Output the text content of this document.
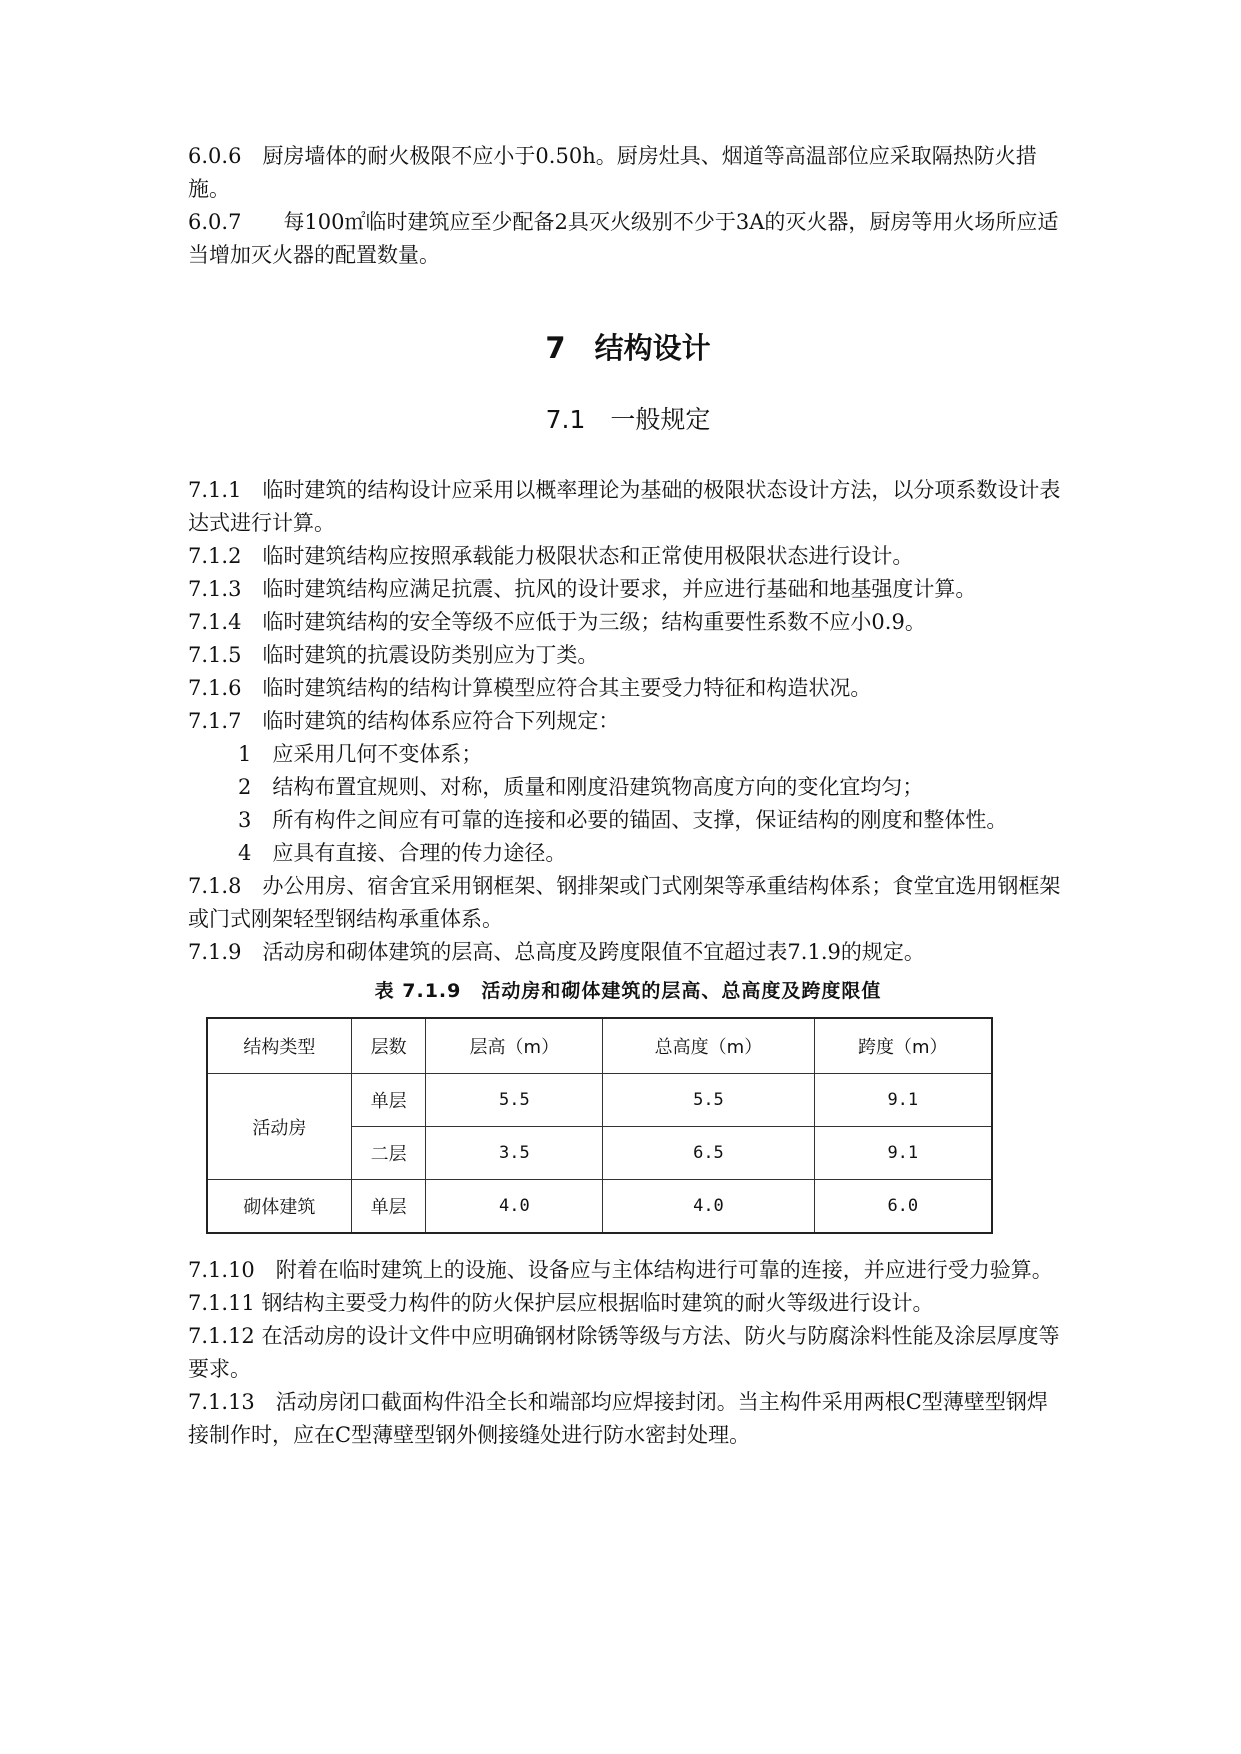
6.0.6　 厨房墙体的耐火极限不应小于0.50h。厨房灶具、烟道等高温部位应采取隔热防火措施。

6.0.7　　 每100㎡临时建筑应至少配备2具灭火级别不少于3A的灭火器，厨房等用火场所应适当增加灭火器的配置数量。

7　 结构设计
7.1　 一般规定

7.1.1　 临时建筑的结构设计应采用以概率理论为基础的极限状态设计方法，以分项系数设计表达式进行计算。

7.1.2　 临时建筑结构应按照承载能力极限状态和正常使用极限状态进行设计。

7.1.3　 临时建筑结构应满足抗震、抗风的设计要求，并应进行基础和地基强度计算。

7.1.4　 临时建筑结构的安全等级不应低于为三级；结构重要性系数不应小0.9。

7.1.5　 临时建筑的抗震设防类别应为丁类。

7.1.6　 临时建筑结构的结构计算模型应符合其主要受力特征和构造状况。

7.1.7　 临时建筑的结构体系应符合下列规定：

1　 应采用几何不变体系；

2　 结构布置宜规则、对称，质量和刚度沿建筑物高度方向的变化宜均匀；

3　 所有构件之间应有可靠的连接和必要的锚固、支撑，保证结构的刚度和整体性。

4　 应具有直接、合理的传力途径。

7.1.8　 办公用房、宿舍宜采用钢框架、钢排架或门式刚架等承重结构体系；食堂宜选用钢框架或门式刚架轻型钢结构承重体系。

7.1.9　 活动房和砌体建筑的层高、总高度及跨度限值不宜超过表7.1.9的规定。

表 7.1.9　活动房和砌体建筑的层高、总高度及跨度限值
结构类型	层数	层高（m）	总高度（m）	跨度（m）
活动房	单层	5.5	5.5	9.1
	二层	3.5	6.5	9.1
砌体建筑	单层	4.0	4.0	6.0

7.1.10　 附着在临时建筑上的设施、设备应与主体结构进行可靠的连接，并应进行受力验算。

7.1.11 钢结构主要受力构件的防火保护层应根据临时建筑的耐火等级进行设计。

7.1.12 在活动房的设计文件中应明确钢材除锈等级与方法、防火与防腐涂料性能及涂层厚度等要求。

7.1.13　 活动房闭口截面构件沿全长和端部均应焊接封闭。当主构件采用两根C型薄壁型钢焊接制作时，应在C型薄壁型钢外侧接缝处进行防水密封处理。
